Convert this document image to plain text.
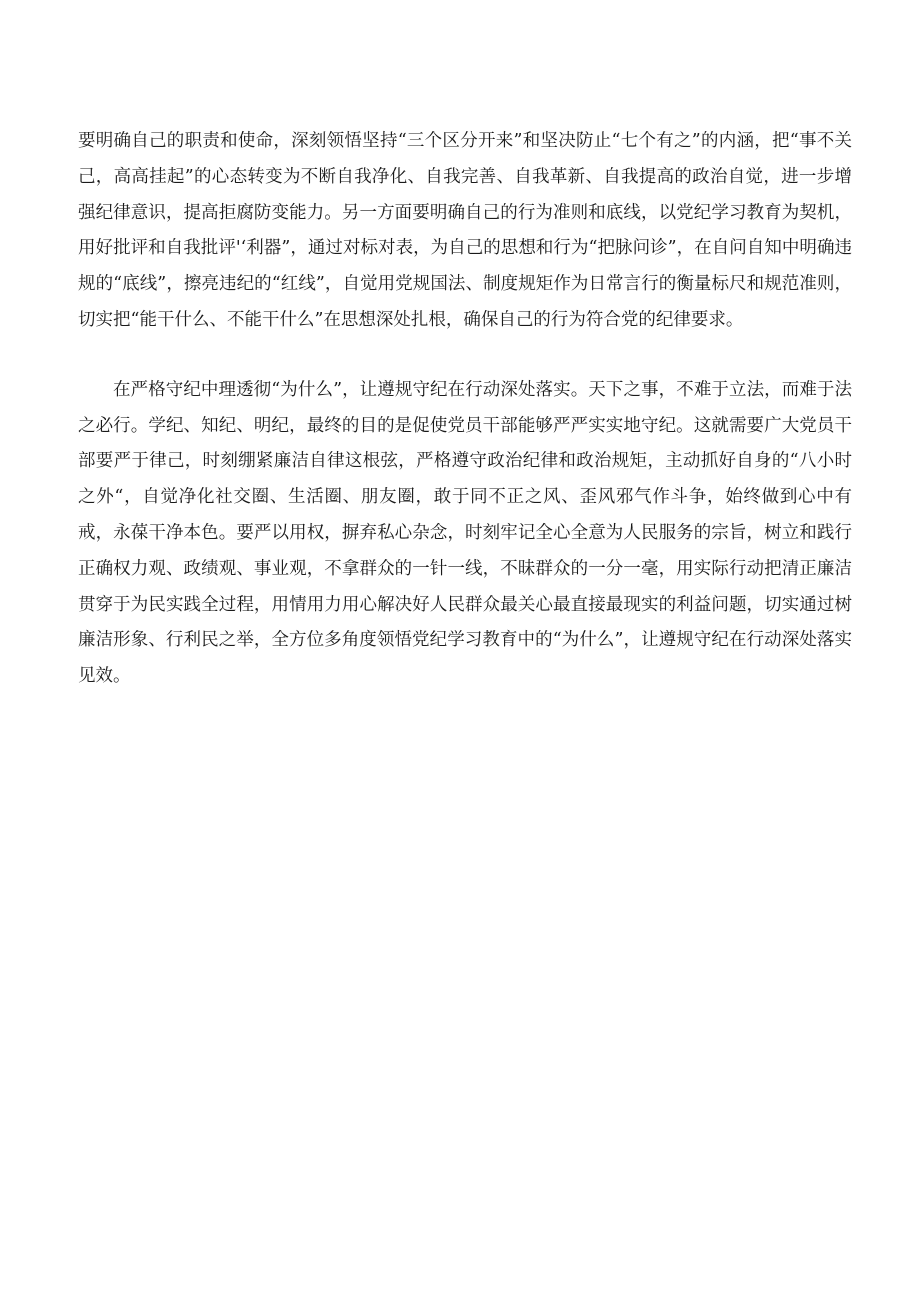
要明确自己的职责和使命，深刻领悟坚持“三个区分开来”和坚决防止“七个有之”的内涵，把“事不关己，高高挂起”的心态转变为不断自我净化、自我完善、自我革新、自我提高的政治自觉，进一步增强纪律意识，提高拒腐防变能力。另一方面要明确自己的行为准则和底线，以党纪学习教育为契机，用好批评和自我批评'‘利器”，通过对标对表，为自己的思想和行为“把脉问诊”，在自问自知中明确违规的“底线”，擦亮违纪的“红线”，自觉用党规国法、制度规矩作为日常言行的衡量标尺和规范准则，切实把“能干什么、不能干什么”在思想深处扎根，确保自己的行为符合党的纪律要求。

在严格守纪中理透彻“为什么”，让遵规守纪在行动深处落实。天下之事，不难于立法，而难于法之必行。学纪、知纪、明纪，最终的目的是促使党员干部能够严严实实地守纪。这就需要广大党员干部要严于律己，时刻绷紧廉洁自律这根弦，严格遵守政治纪律和政治规矩，主动抓好自身的“八小时之外“，自觉净化社交圈、生活圈、朋友圈，敢于同不正之风、歪风邪气作斗争，始终做到心中有戒，永葆干净本色。要严以用权，摒弃私心杂念，时刻牢记全心全意为人民服务的宗旨，树立和践行正确权力观、政绩观、事业观，不拿群众的一针一线，不昧群众的一分一毫，用实际行动把清正廉洁贯穿于为民实践全过程，用情用力用心解决好人民群众最关心最直接最现实的利益问题，切实通过树廉洁形象、行利民之举，全方位多角度领悟党纪学习教育中的“为什么”，让遵规守纪在行动深处落实见效。
